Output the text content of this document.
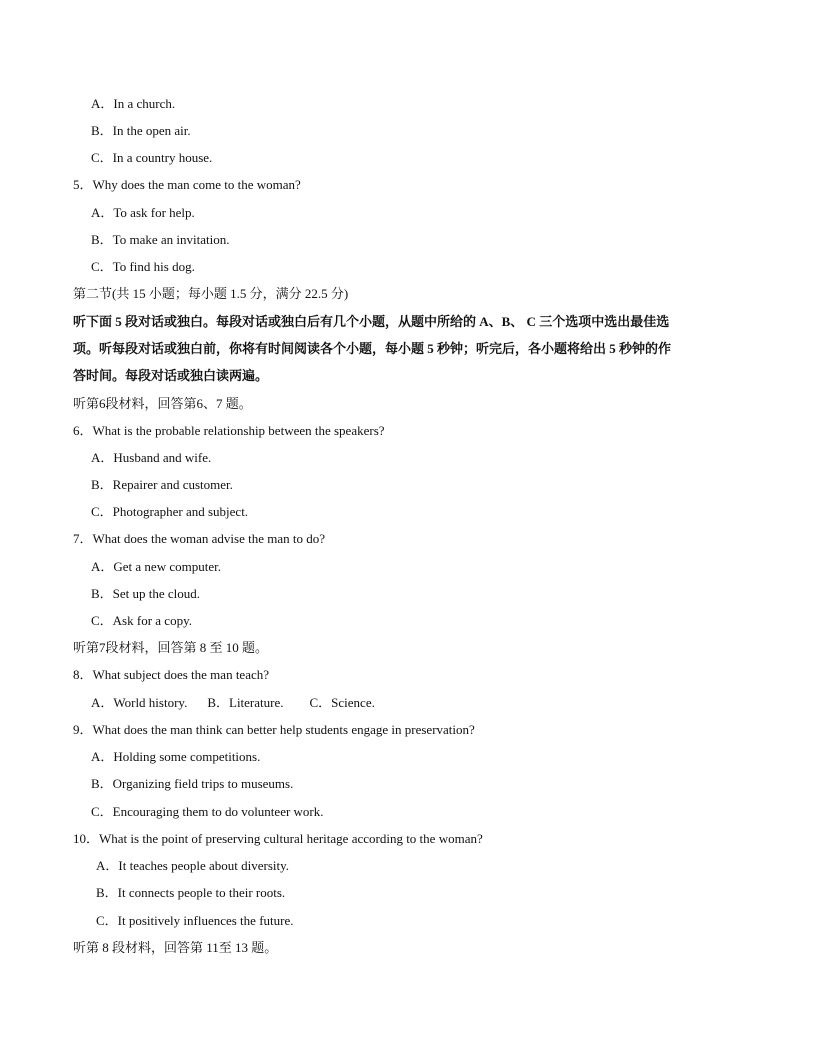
A．In a church.
B．In the open air.
C．In a country house.
5．Why does the man come to the woman?
A．To ask for help.
B．To make an invitation.
C．To find his dog.
第二节(共 15 小题；每小题 1.5 分，满分 22.5 分)
听下面 5 段对话或独白。每段对话或独白后有几个小题，从题中所给的 A、B、 C 三个选项中选出最佳选
项。听每段对话或独白前，你将有时间阅读各个小题，每小题 5 秒钟；听完后，各小题将给出 5 秒钟的作
答时间。每段对话或独白读两遍。
听第6段材料，回答第6、7 题。
6．What is the probable relationship between the speakers?
A．Husband and wife.
B．Repairer and customer.
C．Photographer and subject.
7．What does the woman advise the man to do?
A．Get a new computer.
B．Set up the cloud.
C．Ask for a copy.
听第7段材料，回答第 8 至 10 题。
8．What subject does the man teach?
A．World history. B．Literature. C．Science.
9．What does the man think can better help students engage in preservation?
A．Holding some competitions.
B．Organizing field trips to museums.
C．Encouraging them to do volunteer work.
10．What is the point of preserving cultural heritage according to the woman?
A．It teaches people about diversity.
B．It connects people to their roots.
C．It positively influences the future.
听第 8 段材料，回答第 11至 13 题。
